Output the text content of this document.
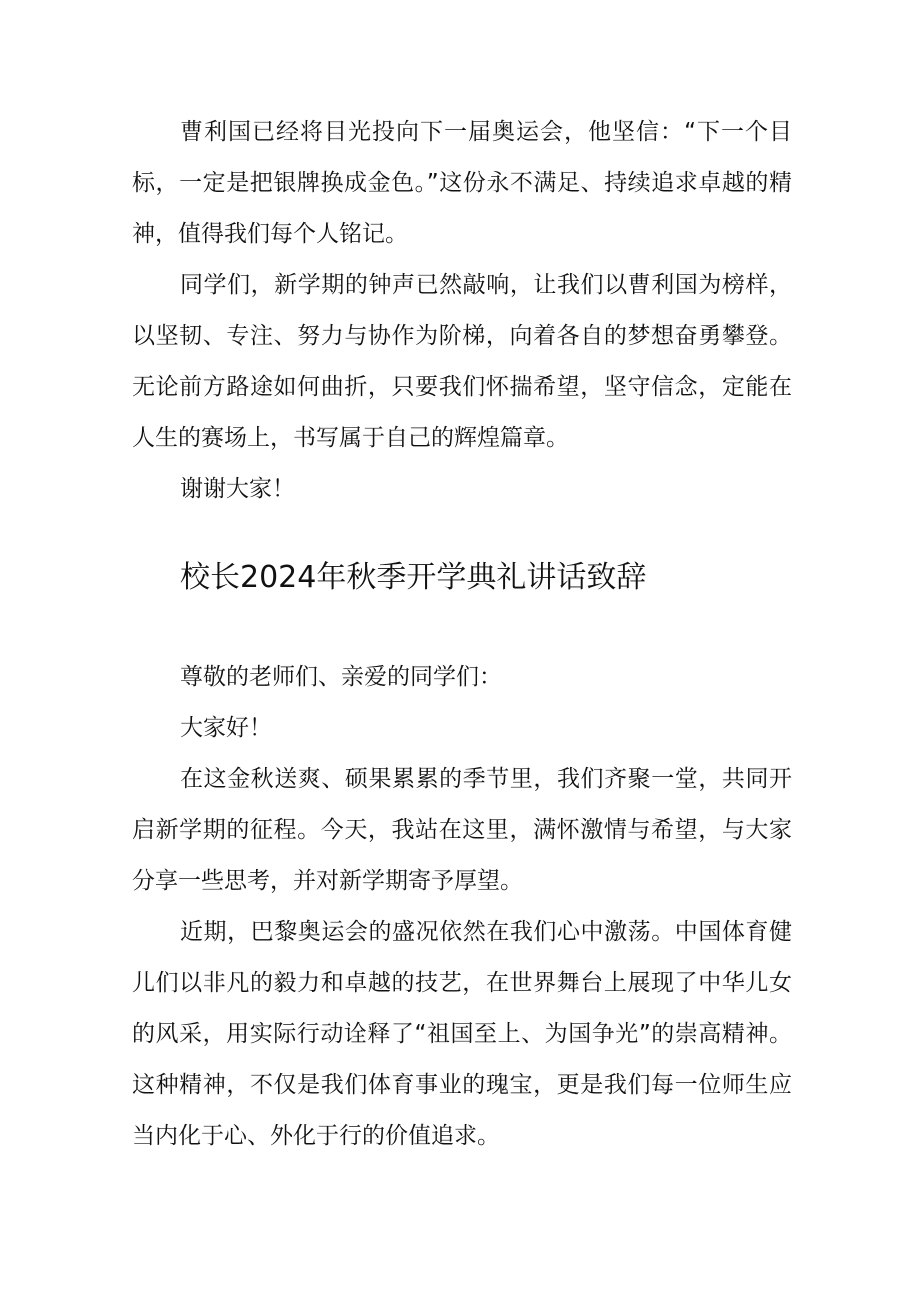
曹利国已经将目光投向下一届奥运会，他坚信：“下一个目标，一定是把银牌换成金色。”这份永不满足、持续追求卓越的精神，值得我们每个人铭记。

同学们，新学期的钟声已然敲响，让我们以曹利国为榜样，以坚韧、专注、努力与协作为阶梯，向着各自的梦想奋勇攀登。无论前方路途如何曲折，只要我们怀揣希望，坚守信念，定能在人生的赛场上，书写属于自己的辉煌篇章。

谢谢大家！

校长2024年秋季开学典礼讲话致辞

尊敬的老师们、亲爱的同学们：

大家好！

在这金秋送爽、硕果累累的季节里，我们齐聚一堂，共同开启新学期的征程。今天，我站在这里，满怀激情与希望，与大家分享一些思考，并对新学期寄予厚望。

近期，巴黎奥运会的盛况依然在我们心中激荡。中国体育健儿们以非凡的毅力和卓越的技艺，在世界舞台上展现了中华儿女的风采，用实际行动诠释了“祖国至上、为国争光”的崇高精神。这种精神，不仅是我们体育事业的瑰宝，更是我们每一位师生应当内化于心、外化于行的价值追求。
